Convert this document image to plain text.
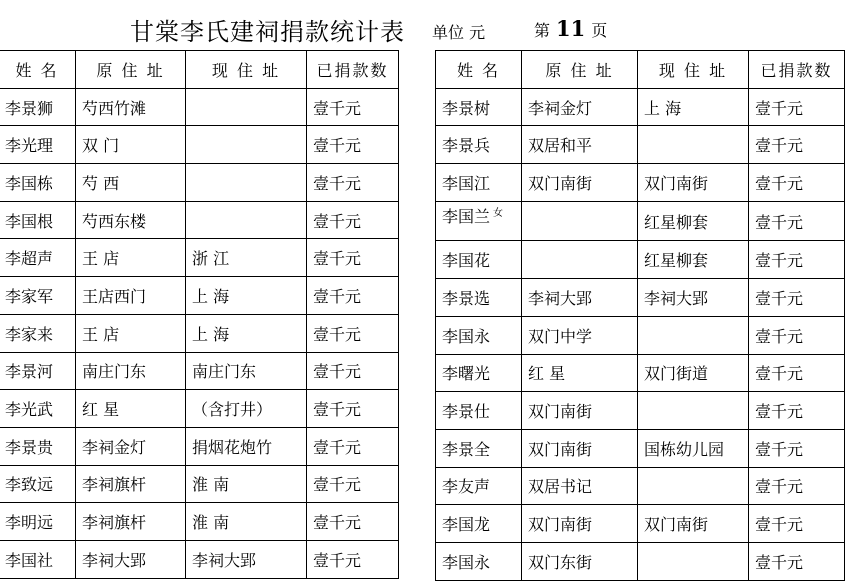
甘棠李氏建祠捐款统计表 单位 元	第 11 页
姓 名	原 住 址	现 住 址	已捐款数
李景狮	芍西竹滩		壹千元
李光理	双 门		壹千元
李国栋	芍 西		壹千元
李国根	芍西东楼		壹千元
李超声	王 店	浙 江	壹千元
李家军	王店西门	上 海	壹千元
李家来	王 店	上 海	壹千元
李景河	南庄门东	南庄门东	壹千元
李光武	红 星	（含打井）	壹千元
李景贵	李祠金灯	捐烟花炮竹	壹千元
李致远	李祠旗杆	淮 南	壹千元
李明远	李祠旗杆	淮 南	壹千元
李国社	李祠大郢	李祠大郢	壹千元
姓 名	原 住 址	现 住 址	已捐款数
李景树	李祠金灯	上 海	壹千元
李景兵	双居和平		壹千元
李国江	双门南街	双门南街	壹千元
李国兰 $^女$		红星柳套	壹千元
李国花		红星柳套	壹千元
李景选	李祠大郢	李祠大郢	壹千元
李国永	双门中学		壹千元
李曙光	红 星	双门街道	壹千元
李景仕	双门南街		壹千元
李景全	双门南街	国栋幼儿园	壹千元
李友声	双居书记		壹千元
李国龙	双门南街	双门南街	壹千元
李国永	双门东街		壹千元
